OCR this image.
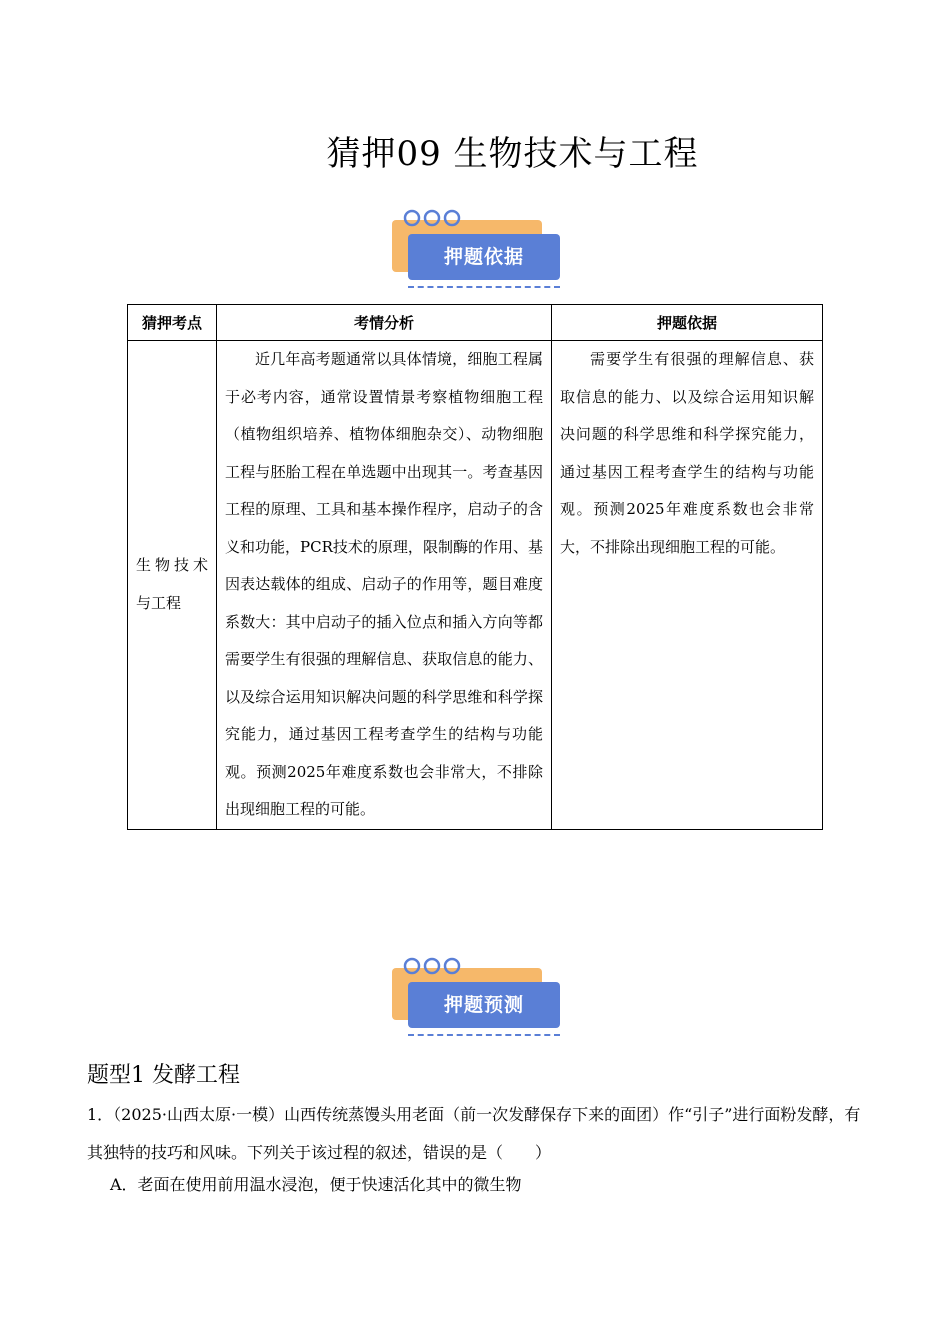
猜押09 生物技术与工程
押题依据
猜押考点	考情分析	押题依据
生物技术与工程	近几年高考题通常以具体情境，细胞工程属于必考内容，通常设置情景考察植物细胞工程（植物组织培养、植物体细胞杂交）、动物细胞工程与胚胎工程在单选题中出现其一。考查基因工程的原理、工具和基本操作程序，启动子的含义和功能，PCR技术的原理，限制酶的作用、基因表达载体的组成、启动子的作用等，题目难度系数大：其中启动子的插入位点和插入方向等都需要学生有很强的理解信息、获取信息的能力、以及综合运用知识解决问题的科学思维和科学探究能力，通过基因工程考查学生的结构与功能观。预测2025年难度系数也会非常大，不排除出现细胞工程的可能。	需要学生有很强的理解信息、获取信息的能力、以及综合运用知识解决问题的科学思维和科学探究能力，通过基因工程考查学生的结构与功能观。预测2025年难度系数也会非常大，不排除出现细胞工程的可能。
押题预测
题型1 发酵工程
1．（2025·山西太原·一模）山西传统蒸馒头用老面（前一次发酵保存下来的面团）作“引子”进行面粉发酵，有其独特的技巧和风味。下列关于该过程的叙述，错误的是（　　）
A．老面在使用前用温水浸泡，便于快速活化其中的微生物
